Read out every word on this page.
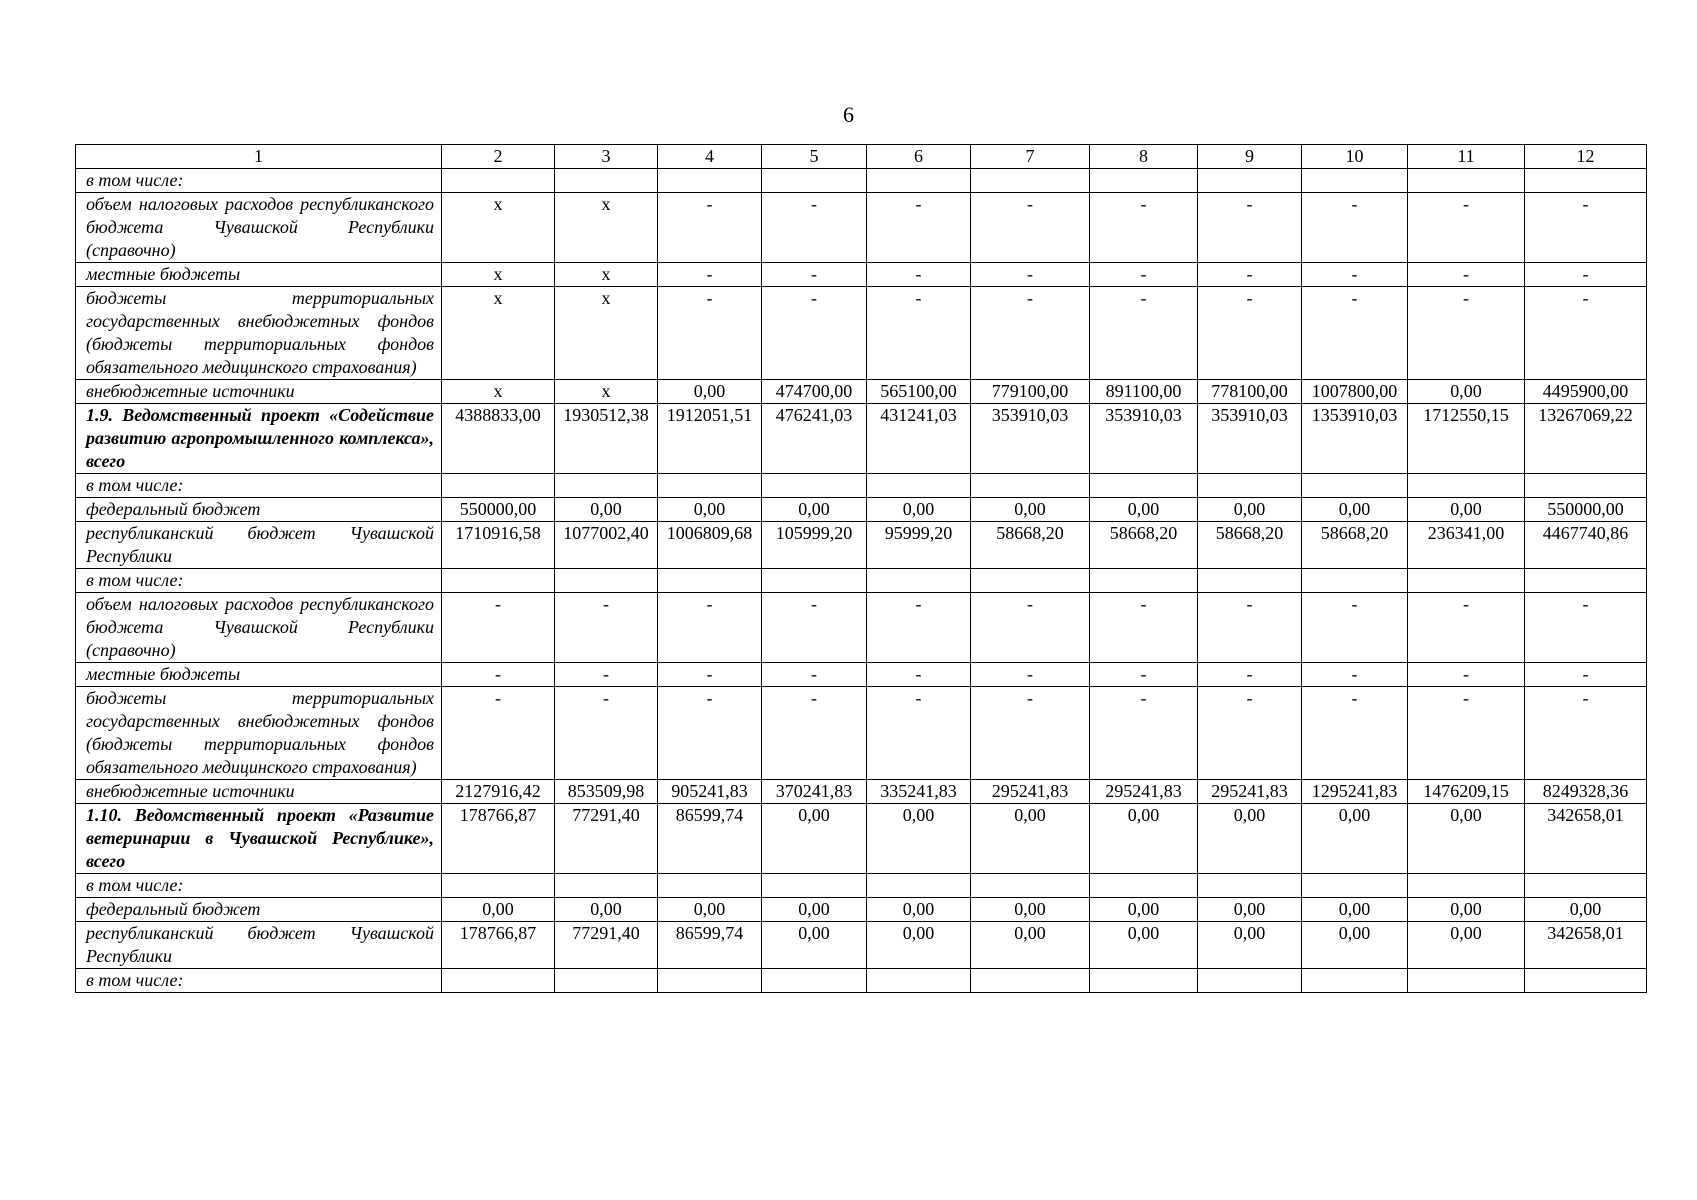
6
1	2	3	4	5	6	7	8	9	10	11	12
в том числе:											
объем налоговых расходов республиканского бюджета Чувашской Республики (справочно)	x	x	-	-	-	-	-	-	-	-	-
местные бюджеты	x	x	-	-	-	-	-	-	-	-	-
бюджеты территориальных государственных внебюджетных фондов (бюджеты территориальных фондов обязательного медицинского страхования)	x	x	-	-	-	-	-	-	-	-	-
внебюджетные источники	x	x	0,00	474700,00	565100,00	779100,00	891100,00	778100,00	1007800,00	0,00	4495900,00
1.9. Ведомственный проект «Содействие развитию агропромышленного комплекса», всего	4388833,00	1930512,38	1912051,51	476241,03	431241,03	353910,03	353910,03	353910,03	1353910,03	1712550,15	13267069,22
в том числе:											
федеральный бюджет	550000,00	0,00	0,00	0,00	0,00	0,00	0,00	0,00	0,00	0,00	550000,00
республиканский бюджет Чувашской Республики	1710916,58	1077002,40	1006809,68	105999,20	95999,20	58668,20	58668,20	58668,20	58668,20	236341,00	4467740,86
в том числе:											
объем налоговых расходов республиканского бюджета Чувашской Республики (справочно)	-	-	-	-	-	-	-	-	-	-	-
местные бюджеты	-	-	-	-	-	-	-	-	-	-	-
бюджеты территориальных государственных внебюджетных фондов (бюджеты территориальных фондов обязательного медицинского страхования)	-	-	-	-	-	-	-	-	-	-	-
внебюджетные источники	2127916,42	853509,98	905241,83	370241,83	335241,83	295241,83	295241,83	295241,83	1295241,83	1476209,15	8249328,36
1.10. Ведомственный проект «Развитие ветеринарии в Чувашской Республике», всего	178766,87	77291,40	86599,74	0,00	0,00	0,00	0,00	0,00	0,00	0,00	342658,01
в том числе:											
федеральный бюджет	0,00	0,00	0,00	0,00	0,00	0,00	0,00	0,00	0,00	0,00	0,00
республиканский бюджет Чувашской Республики	178766,87	77291,40	86599,74	0,00	0,00	0,00	0,00	0,00	0,00	0,00	342658,01
в том числе:											
